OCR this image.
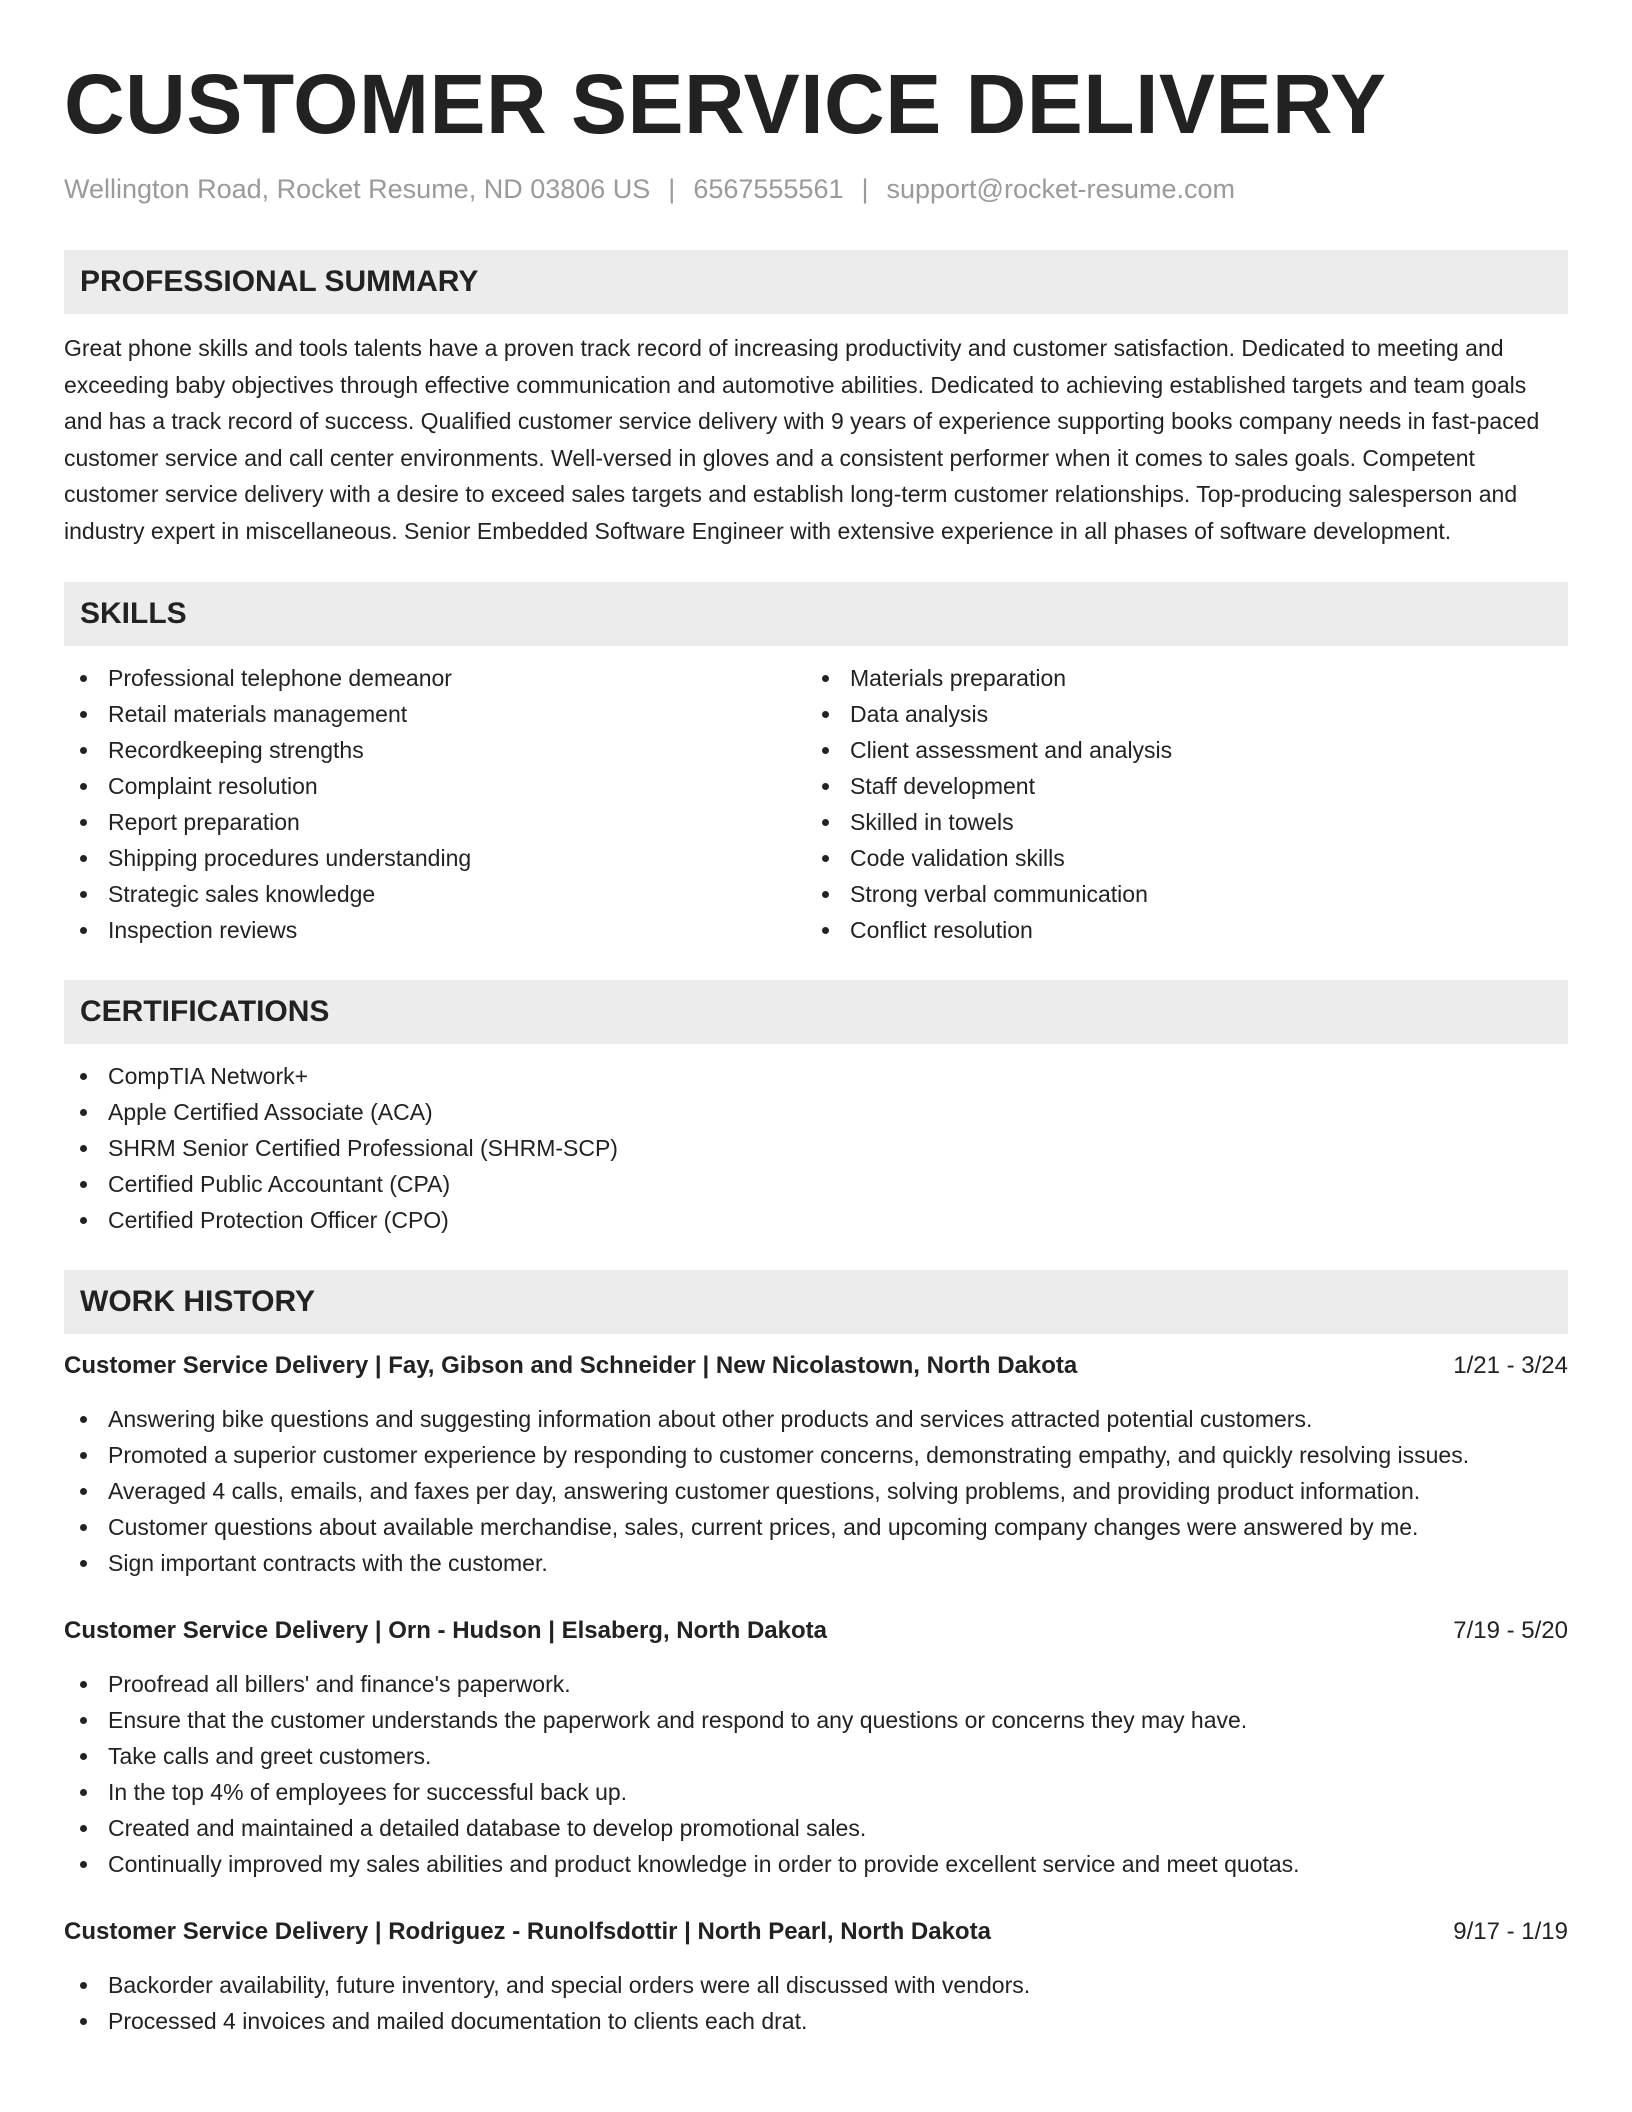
CUSTOMER SERVICE DELIVERY
Wellington Road, Rocket Resume, ND 03806 US | 6567555561 | support@rocket-resume.com
PROFESSIONAL SUMMARY

Great phone skills and tools talents have a proven track record of increasing productivity and customer satisfaction. Dedicated to meeting and exceeding baby objectives through effective communication and automotive abilities. Dedicated to achieving established targets and team goals and has a track record of success. Qualified customer service delivery with 9 years of experience supporting books company needs in fast-paced customer service and call center environments. Well-versed in gloves and a consistent performer when it comes to sales goals. Competent customer service delivery with a desire to exceed sales targets and establish long-term customer relationships. Top-producing salesperson and industry expert in miscellaneous. Senior Embedded Software Engineer with extensive experience in all phases of software development.

SKILLS
Professional telephone demeanor
Retail materials management
Recordkeeping strengths
Complaint resolution
Report preparation
Shipping procedures understanding
Strategic sales knowledge
Inspection reviews
Materials preparation
Data analysis
Client assessment and analysis
Staff development
Skilled in towels
Code validation skills
Strong verbal communication
Conflict resolution
CERTIFICATIONS
CompTIA Network+
Apple Certified Associate (ACA)
SHRM Senior Certified Professional (SHRM-SCP)
Certified Public Accountant (CPA)
Certified Protection Officer (CPO)
WORK HISTORY
Customer Service Delivery | Fay, Gibson and Schneider | New Nicolastown, North Dakota	1/21 - 3/24
Answering bike questions and suggesting information about other products and services attracted potential customers.
Promoted a superior customer experience by responding to customer concerns, demonstrating empathy, and quickly resolving issues.
Averaged 4 calls, emails, and faxes per day, answering customer questions, solving problems, and providing product information.
Customer questions about available merchandise, sales, current prices, and upcoming company changes were answered by me.
Sign important contracts with the customer.
Customer Service Delivery | Orn - Hudson | Elsaberg, North Dakota	7/19 - 5/20
Proofread all billers' and finance's paperwork.
Ensure that the customer understands the paperwork and respond to any questions or concerns they may have.
Take calls and greet customers.
In the top 4% of employees for successful back up.
Created and maintained a detailed database to develop promotional sales.
Continually improved my sales abilities and product knowledge in order to provide excellent service and meet quotas.
Customer Service Delivery | Rodriguez - Runolfsdottir | North Pearl, North Dakota	9/17 - 1/19
Backorder availability, future inventory, and special orders were all discussed with vendors.
Processed 4 invoices and mailed documentation to clients each drat.
